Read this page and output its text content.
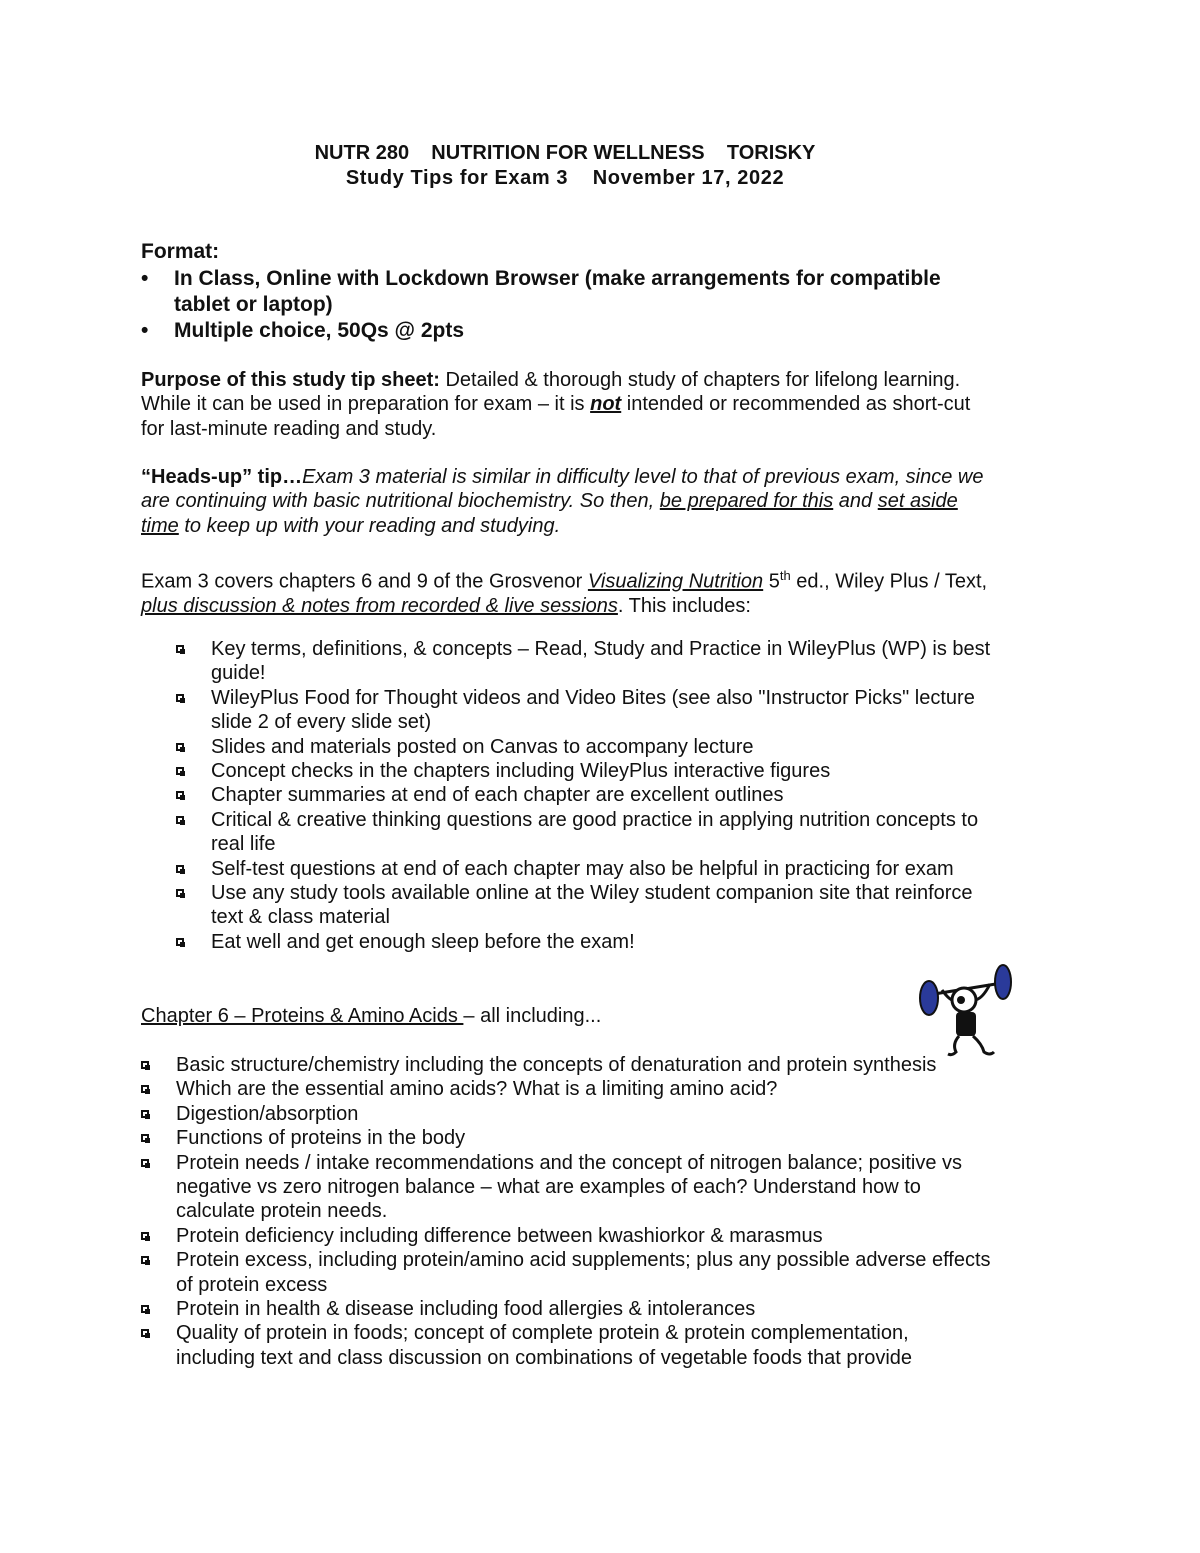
NUTR 280    NUTRITION FOR WELLNESS    TORISKY
Study Tips for Exam 3    November 17, 2022
Format:
• In Class, Online with Lockdown Browser (make arrangements for compatible tablet or laptop)
• Multiple choice, 50Qs @ 2pts
Purpose of this study tip sheet: Detailed & thorough study of chapters for lifelong learning. While it can be used in preparation for exam – it is not intended or recommended as short-cut for last-minute reading and study.
“Heads-up” tip…Exam 3 material is similar in difficulty level to that of previous exam, since we are continuing with basic nutritional biochemistry. So then, be prepared for this and set aside time to keep up with your reading and studying.
Exam 3 covers chapters 6 and 9 of the Grosvenor Visualizing Nutrition 5th ed., Wiley Plus / Text, plus discussion & notes from recorded & live sessions. This includes:
Key terms, definitions, & concepts – Read, Study and Practice in WileyPlus (WP) is best guide!
WileyPlus Food for Thought videos and Video Bites (see also "Instructor Picks" lecture slide 2 of every slide set)
Slides and materials posted on Canvas to accompany lecture
Concept checks in the chapters including WileyPlus interactive figures
Chapter summaries at end of each chapter are excellent outlines
Critical & creative thinking questions are good practice in applying nutrition concepts to real life
Self-test questions at end of each chapter may also be helpful in practicing for exam
Use any study tools available online at the Wiley student companion site that reinforce text & class material
Eat well and get enough sleep before the exam!
Chapter 6 – Proteins & Amino Acids – all including...
Basic structure/chemistry including the concepts of denaturation and protein synthesis
Which are the essential amino acids? What is a limiting amino acid?
Digestion/absorption
Functions of proteins in the body
Protein needs / intake recommendations and the concept of nitrogen balance; positive vs negative vs zero nitrogen balance – what are examples of each? Understand how to calculate protein needs.
Protein deficiency including difference between kwashiorkor & marasmus
Protein excess, including protein/amino acid supplements; plus any possible adverse effects of protein excess
Protein in health & disease including food allergies & intolerances
Quality of protein in foods; concept of complete protein & protein complementation, including text and class discussion on combinations of vegetable foods that provide
